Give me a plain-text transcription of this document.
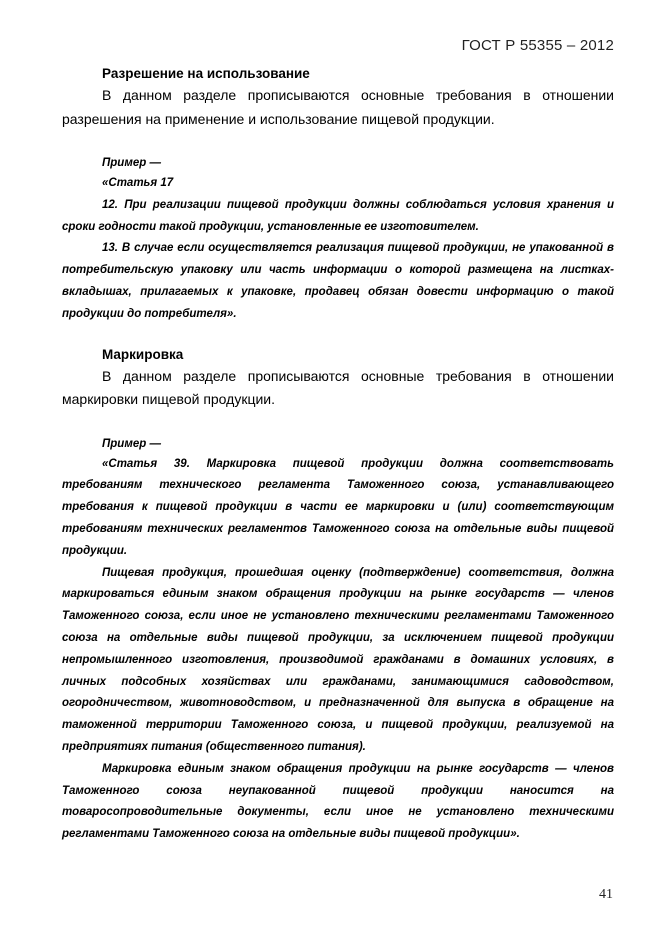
ГОСТ Р 55355 – 2012
Разрешение на использование

В данном разделе прописываются основные требования в отношении разрешения на применение и использование пищевой продукции.

Пример —

«Статья 17

12. При реализации пищевой продукции должны соблюдаться условия хранения и сроки годности такой продукции, установленные ее изготовителем.

13. В случае если осуществляется реализация пищевой продукции, не упакованной в потребительскую упаковку или часть информации о которой размещена на листках-вкладышах, прилагаемых к упаковке, продавец обязан довести информацию о такой продукции до потребителя».

Маркировка

В данном разделе прописываются основные требования в отношении маркировки пищевой продукции.

Пример —

«Статья 39. Маркировка пищевой продукции должна соответствовать требованиям технического регламента Таможенного союза, устанавливающего требования к пищевой продукции в части ее маркировки и (или) соответствующим требованиям технических регламентов Таможенного союза на отдельные виды пищевой продукции.

Пищевая продукция, прошедшая оценку (подтверждение) соответствия, должна маркироваться единым знаком обращения продукции на рынке государств — членов Таможенного союза, если иное не установлено техническими регламентами Таможенного союза на отдельные виды пищевой продукции, за исключением пищевой продукции непромышленного изготовления, производимой гражданами в домашних условиях, в личных подсобных хозяйствах или гражданами, занимающимися садоводством, огородничеством, животноводством, и предназначенной для выпуска в обращение на таможенной территории Таможенного союза, и пищевой продукции, реализуемой на предприятиях питания (общественного питания).

Маркировка единым знаком обращения продукции на рынке государств — членов Таможенного союза неупакованной пищевой продукции наносится на товаросопроводительные документы, если иное не установлено техническими регламентами Таможенного союза на отдельные виды пищевой продукции».

41
